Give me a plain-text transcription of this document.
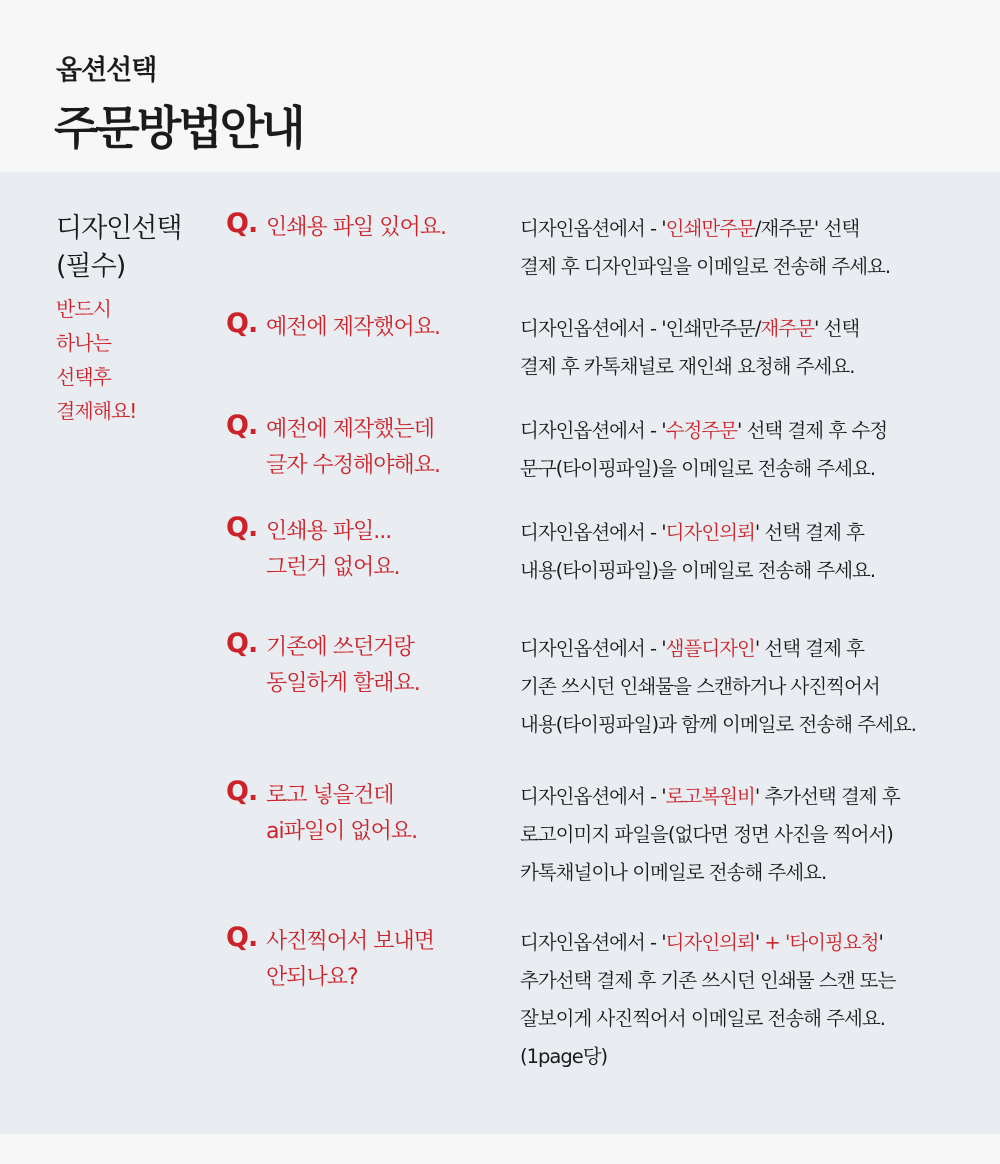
옵션선택
주문방법안내
디자인선택
(필수)
반드시
하나는
선택후
결제해요!
Q. 인쇄용 파일 있어요.	디자인옵션에서 - '인쇄만주문/재주문' 선택
결제 후 디자인파일을 이메일로 전송해 주세요.
Q. 예전에 제작했어요.	디자인옵션에서 - '인쇄만주문/재주문' 선택
결제 후 카톡채널로 재인쇄 요청해 주세요.
Q. 예전에 제작했는데
글자 수정해야해요.
디자인옵션에서 - '수정주문' 선택 결제 후 수정
문구(타이핑파일)을 이메일로 전송해 주세요.
Q. 인쇄용 파일...
그런거 없어요.
디자인옵션에서 - '디자인의뢰' 선택 결제 후
내용(타이핑파일)을 이메일로 전송해 주세요.
Q. 기존에 쓰던거랑
동일하게 할래요.
디자인옵션에서 - '샘플디자인' 선택 결제 후
기존 쓰시던 인쇄물을 스캔하거나 사진찍어서
내용(타이핑파일)과 함께 이메일로 전송해 주세요.
Q. 로고 넣을건데
ai파일이 없어요.
디자인옵션에서 - '로고복원비' 추가선택 결제 후
로고이미지 파일을(없다면 정면 사진을 찍어서)
카톡채널이나 이메일로 전송해 주세요.
Q. 사진찍어서 보내면
안되나요?
디자인옵션에서 - '디자인의뢰' + '타이핑요청'
추가선택 결제 후 기존 쓰시던 인쇄물 스캔 또는
잘보이게 사진찍어서 이메일로 전송해 주세요.
(1page당)
